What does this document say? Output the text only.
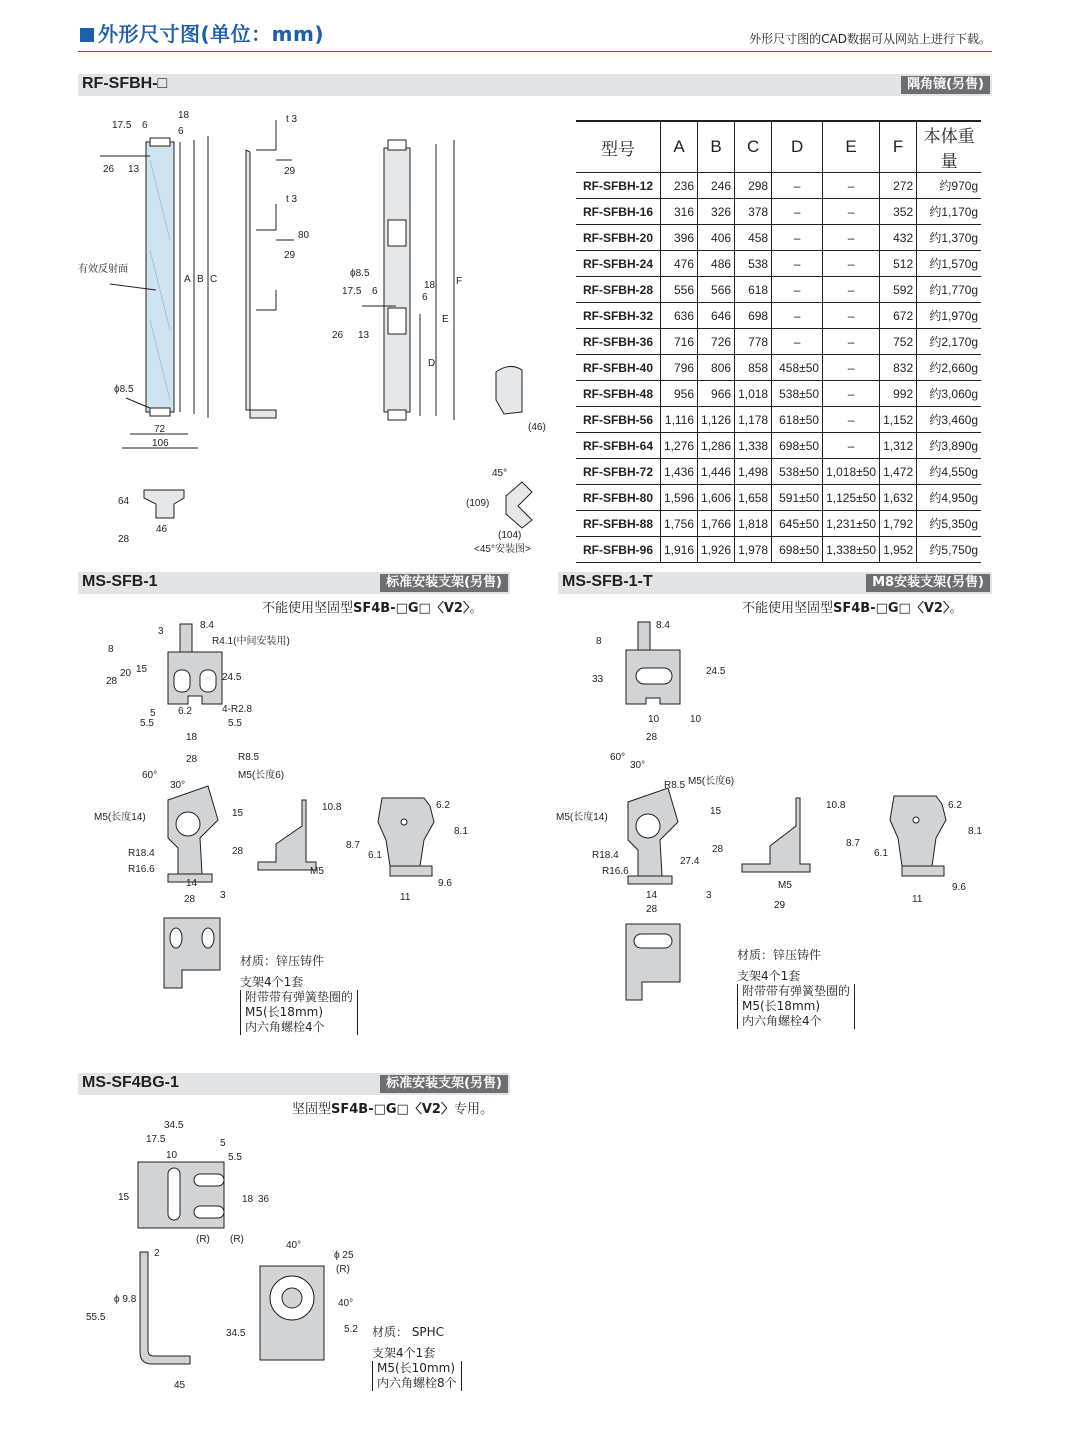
外形尺寸图(单位：mm)	外形尺寸图的CAD数据可从网站上进行下载。
RF-SFBH-□	隅角镜(另售)
18
17.5 6
6
26 13
有效反射面
A B C
ϕ8.5
72
106
t 3
29
t 3
80
29
F
E
D
ϕ8.5
17.5 6
18
6
26 13
(46)
64
28
46
45°
(109)
(104)
<45°安装图>
型号	A	B	C	D	E	F	本体重量
RF-SFBH-12	236	246	298	–	–	272	约970g
RF-SFBH-16	316	326	378	–	–	352	约1,170g
RF-SFBH-20	396	406	458	–	–	432	约1,370g
RF-SFBH-24	476	486	538	–	–	512	约1,570g
RF-SFBH-28	556	566	618	–	–	592	约1,770g
RF-SFBH-32	636	646	698	–	–	672	约1,970g
RF-SFBH-36	716	726	778	–	–	752	约2,170g
RF-SFBH-40	796	806	858	458±50	–	832	约2,660g
RF-SFBH-48	956	966	1,018	538±50	–	992	约3,060g
RF-SFBH-56	1,116	1,126	1,178	618±50	–	1,152	约3,460g
RF-SFBH-64	1,276	1,286	1,338	698±50	–	1,312	约3,890g
RF-SFBH-72	1,436	1,446	1,498	538±50	1,018±50	1,472	约4,550g
RF-SFBH-80	1,596	1,606	1,658	591±50	1,125±50	1,632	约4,950g
RF-SFBH-88	1,756	1,766	1,818	645±50	1,231±50	1,792	约5,350g
RF-SFBH-96	1,916	1,926	1,978	698±50	1,338±50	1,952	约5,750g
MS-SFB-1	标准安装支架(另售)
不能使用坚固型SF4B-□G□〈V2〉。
8.4
3
8
R4.1(中间安装用)
15
20
28	24.5
4-R2.8
5
5.5
6.2
5.5
18
28	R8.5
60°
30°
M5(长度6)
M5(长度14)	15
R18.4
R16.6
28
14
28 3
10.8
8.7
M5
6.2
8.1
6.1
9.6
11
材质：锌压铸件
支架4个1套
附带带有弹簧垫圈的
M5(长18mm)
内六角螺栓4个
MS-SFB-1-T	M8安装支架(另售)
不能使用坚固型SF4B-□G□〈V2〉。
8.4
8
33
24.5
10	10
28
60°
30°
R8.5 M5(长度6)
M5(长度14)
15
R18.4
R16.6
27.4
28
14
28
3
10.8
8.7
M5
29
6.2
8.1
6.1
9.6
11
材质：锌压铸件
支架4个1套
附带带有弹簧垫圈的
M5(长18mm)
内六角螺栓4个
MS-SF4BG-1	标准安装支架(另售)
坚固型SF4B-□G□〈V2〉专用。
34.5
17.5
10
5
5.5
15	18 36
(R) (R)
2
ϕ 9.8
55.5
45
40°
ϕ 25
(R)
40°
34.5	5.2 材质： SPHC
支架4个1套
M5(长10mm)
内六角螺栓8个
